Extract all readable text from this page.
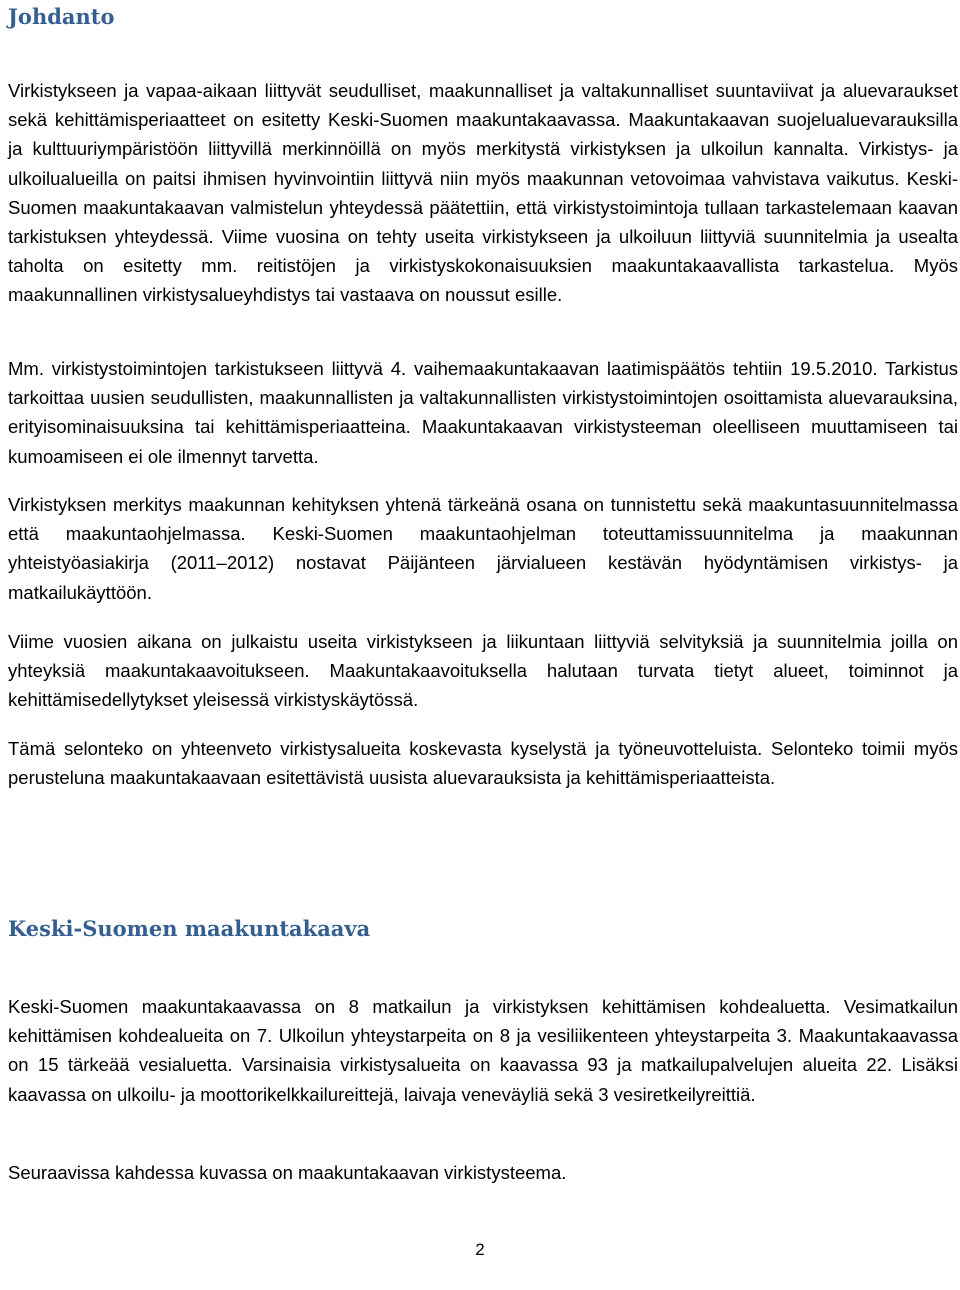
Johdanto

Virkistykseen ja vapaa-aikaan liittyvät seudulliset, maakunnalliset ja valtakunnalliset suuntaviivat ja aluevaraukset sekä kehittämisperiaatteet on esitetty Keski-Suomen maakuntakaavassa. Maakuntakaavan suojelualuevarauksilla ja kulttuuriympäristöön liittyvillä merkinnöillä on myös merkitystä virkistyksen ja ulkoilun kannalta. Virkistys- ja ulkoilualueilla on paitsi ihmisen hyvinvointiin liittyvä niin myös maakunnan vetovoimaa vahvistava vaikutus. Keski-Suomen maakuntakaavan valmistelun yhteydessä päätettiin, että virkistystoimintoja tullaan tarkastelemaan kaavan tarkistuksen yhteydessä. Viime vuosina on tehty useita virkistykseen ja ulkoiluun liittyviä suunnitelmia ja usealta taholta on esitetty mm. reitistöjen ja virkistyskokonaisuuksien maakuntakaavallista tarkastelua. Myös maakunnallinen virkistysalueyhdistys tai vastaava on noussut esille.

Mm. virkistystoimintojen tarkistukseen liittyvä 4. vaihemaakuntakaavan laatimispäätös tehtiin 19.5.2010. Tarkistus tarkoittaa uusien seudullisten, maakunnallisten ja valtakunnallisten virkistystoimintojen osoittamista aluevarauksina, erityisominaisuuksina tai kehittämisperiaatteina. Maakuntakaavan virkistysteeman oleelliseen muuttamiseen tai kumoamiseen ei ole ilmennyt tarvetta.

Virkistyksen merkitys maakunnan kehityksen yhtenä tärkeänä osana on tunnistettu sekä maakuntasuunnitelmassa että maakuntaohjelmassa. Keski-Suomen maakuntaohjelman toteuttamissuunnitelma ja maakunnan yhteistyöasiakirja (2011–2012) nostavat Päijänteen järvialueen kestävän hyödyntämisen virkistys- ja matkailukäyttöön.

Viime vuosien aikana on julkaistu useita virkistykseen ja liikuntaan liittyviä selvityksiä ja suunnitelmia joilla on yhteyksiä maakuntakaavoitukseen. Maakuntakaavoituksella halutaan turvata tietyt alueet, toiminnot ja kehittämisedellytykset yleisessä virkistyskäytössä.

Tämä selonteko on yhteenveto virkistysalueita koskevasta kyselystä ja työneuvotteluista. Selonteko toimii myös perusteluna maakuntakaavaan esitettävistä uusista aluevarauksista ja kehittämisperiaatteista.

Keski-Suomen maakuntakaava

Keski-Suomen maakuntakaavassa on 8 matkailun ja virkistyksen kehittämisen kohdealuetta. Vesimatkailun kehittämisen kohdealueita on 7. Ulkoilun yhteystarpeita on 8 ja vesiliikenteen yhteystarpeita 3. Maakuntakaavassa on 15 tärkeää vesialuetta. Varsinaisia virkistysalueita on kaavassa 93 ja matkailupalvelujen alueita 22. Lisäksi kaavassa on ulkoilu- ja moottorikelkkailureittejä, laivaja veneväyliä sekä 3 vesiretkeilyreittiä.

Seuraavissa kahdessa kuvassa on maakuntakaavan virkistysteema.

2
